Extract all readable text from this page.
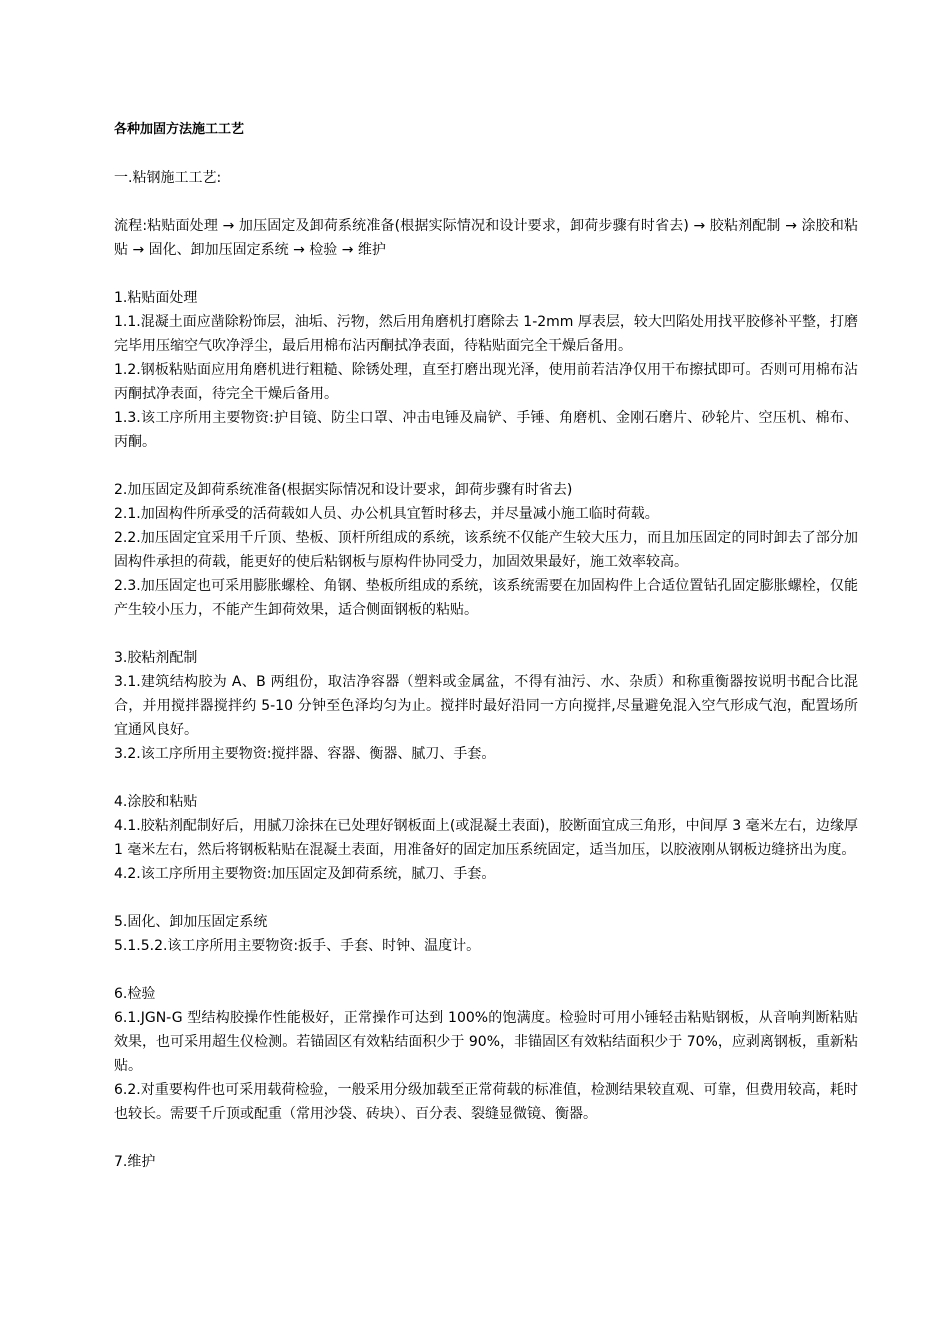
各种加固方法施工工艺

一.粘钢施工工艺:

流程:粘贴面处理 → 加压固定及卸荷系统准备(根据实际情况和设计要求，卸荷步骤有时省去) → 胶粘剂配制 → 涂胶和粘贴 → 固化、卸加压固定系统 → 检验 → 维护

1.粘贴面处理

1.1.混凝土面应凿除粉饰层，油垢、污物，然后用角磨机打磨除去 1-2mm 厚表层，较大凹陷处用找平胶修补平整，打磨完毕用压缩空气吹净浮尘，最后用棉布沾丙酮拭净表面，待粘贴面完全干燥后备用。

1.2.钢板粘贴面应用角磨机进行粗糙、除锈处理，直至打磨出现光泽，使用前若洁净仅用干布擦拭即可。否则可用棉布沾丙酮拭净表面，待完全干燥后备用。

1.3.该工序所用主要物资:护目镜、防尘口罩、冲击电锤及扁铲、手锤、角磨机、金刚石磨片、砂轮片、空压机、棉布、丙酮。

2.加压固定及卸荷系统准备(根据实际情况和设计要求，卸荷步骤有时省去)

2.1.加固构件所承受的活荷载如人员、办公机具宜暂时移去，并尽量减小施工临时荷载。

2.2.加压固定宜采用千斤顶、垫板、顶杆所组成的系统，该系统不仅能产生较大压力，而且加压固定的同时卸去了部分加固构件承担的荷载，能更好的使后粘钢板与原构件协同受力，加固效果最好，施工效率较高。

2.3.加压固定也可采用膨胀螺栓、角钢、垫板所组成的系统，该系统需要在加固构件上合适位置钻孔固定膨胀螺栓，仅能产生较小压力，不能产生卸荷效果，适合侧面钢板的粘贴。

3.胶粘剂配制

3.1.建筑结构胶为 A、B 两组份，取洁净容器（塑料或金属盆，不得有油污、水、杂质）和称重衡器按说明书配合比混合，并用搅拌器搅拌约 5-10 分钟至色泽均匀为止。搅拌时最好沿同一方向搅拌,尽量避免混入空气形成气泡，配置场所宜通风良好。

3.2.该工序所用主要物资:搅拌器、容器、衡器、腻刀、手套。

4.涂胶和粘贴

4.1.胶粘剂配制好后，用腻刀涂抹在已处理好钢板面上(或混凝土表面)，胶断面宜成三角形，中间厚 3 毫米左右，边缘厚 1 毫米左右，然后将钢板粘贴在混凝土表面，用准备好的固定加压系统固定，适当加压，以胶液刚从钢板边缝挤出为度。

4.2.该工序所用主要物资:加压固定及卸荷系统，腻刀、手套。

5.固化、卸加压固定系统

5.1.5.2.该工序所用主要物资:扳手、手套、时钟、温度计。

6.检验

6.1.JGN-G 型结构胶操作性能极好，正常操作可达到 100%的饱满度。检验时可用小锤轻击粘贴钢板，从音响判断粘贴效果，也可采用超生仪检测。若锚固区有效粘结面积少于 90%，非锚固区有效粘结面积少于 70%，应剥离钢板，重新粘贴。

6.2.对重要构件也可采用载荷检验，一般采用分级加载至正常荷载的标准值，检测结果较直观、可靠，但费用较高，耗时也较长。需要千斤顶或配重（常用沙袋、砖块）、百分表、裂缝显微镜、衡器。

7.维护
